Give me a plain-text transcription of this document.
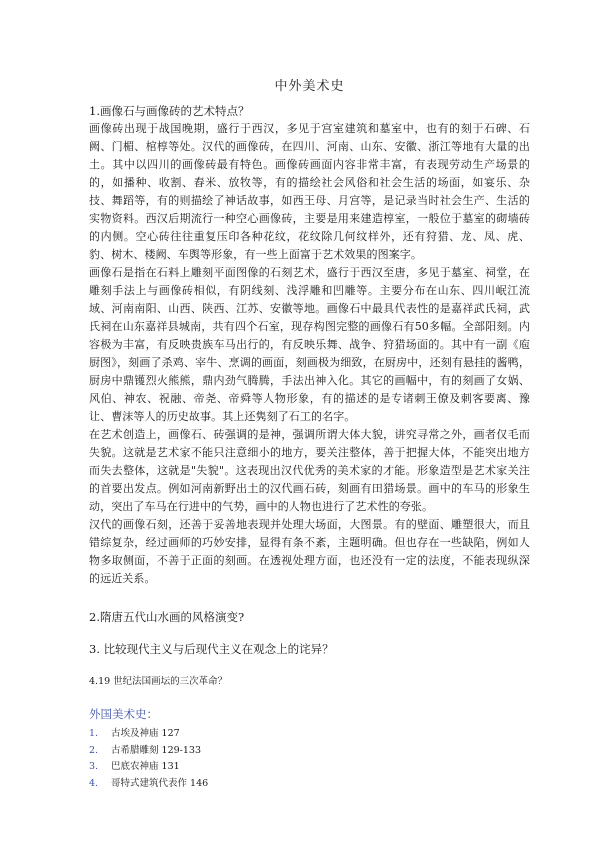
中外美术史
1.画像石与画像砖的艺术特点？

画像砖出现于战国晚期，盛行于西汉，多见于宫室建筑和墓室中，也有的刻于石碑、石阙、门楣、棺椁等处。汉代的画像砖，在四川、河南、山东、安徽、浙江等地有大量的出土。其中以四川的画像砖最有特色。画像砖画面内容非常丰富，有表现劳动生产场景的的，如播种、收割、舂米、放牧等，有的描绘社会风俗和社会生活的场面，如宴乐、杂技、舞蹈等，有的则描绘了神话故事，如西王母、月宫等，是记录当时社会生产、生活的实物资料。西汉后期流行一种空心画像砖，主要是用来建造椁室，一般位于墓室的砌墙砖的内侧。空心砖往往重复压印各种花纹，花纹除几何纹样外，还有狩猎、龙、凤、虎、豹、树木、楼阙、车舆等形象，有一些上面富于艺术效果的图案字。

画像石是指在石料上雕刻平面图像的石刻艺术，盛行于西汉至唐，多见于墓室、祠堂，在雕刻手法上与画像砖相似，有阴线刻、浅浮雕和凹雕等。主要分布在山东、四川岷江流域、河南南阳、山西、陕西、江苏、安徽等地。画像石中最具代表性的是嘉祥武氏祠，武氏祠在山东嘉祥县城南，共有四个石室，现存构图完整的画像石有50多幅。全部阳刻。内容极为丰富，有反映贵族车马出行的，有反映乐舞、战争、狩猎场面的。其中有一副《庖厨图》，刻画了杀鸡、宰牛、烹调的画面，刻画极为细致，在厨房中，还刻有悬挂的酱鸭，厨房中鼎镬烈火熊熊，鼎内劲气腾腾，手法出神入化。其它的画幅中，有的刻画了女娲、风伯、神农、祝融、帝尧、帝舜等人物形象，有的描述的是专诸刺王僚及刺客要离、豫让、曹沫等人的历史故事。其上还隽刻了石工的名字。

在艺术创造上，画像石、砖强调的是神，强调所谓大体大貌，讲究寻常之外，画者仅毛而失貌。这就是艺术家不能只注意细小的地方，要关注整体，善于把握大体，不能突出地方而失去整体，这就是"失貌"。这表现出汉代优秀的美术家的才能。形象造型是艺术家关注的首要出发点。例如河南新野出土的汉代画石砖，刻画有田猎场景。画中的车马的形象生动，突出了车马在行进中的气势，画中的人物也进行了艺术性的夸张。

汉代的画像石刻，还善于妥善地表现并处理大场面，大图景。有的壁面、雕塑很大，而且错综复杂，经过画师的巧妙安排，显得有条不紊，主题明确。但也存在一些缺陷，例如人物多取侧面，不善于正面的刻画。在透视处理方面，也还没有一定的法度，不能表现纵深的远近关系。

2.隋唐五代山水画的风格演变?
3. 比较现代主义与后现代主义在观念上的诧异？
4.19 世纪法国画坛的三次革命？
外国美术史：
1.	古埃及神庙 127
2.	古希腊雕刻 129-133
3.	巴底农神庙 131
4.	哥特式建筑代表作 146
